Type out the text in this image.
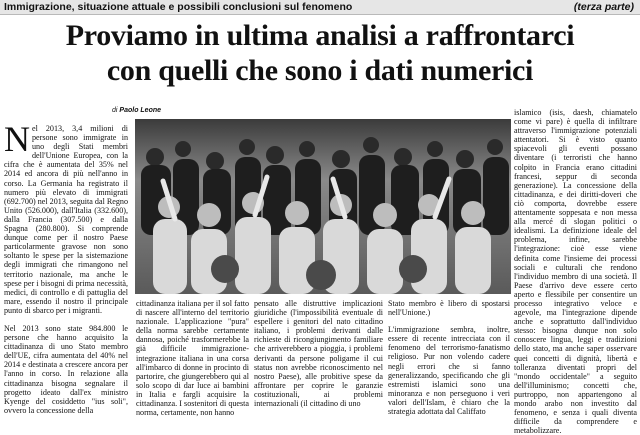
Immigrazione, situazione attuale e possibili conclusioni sul fenomeno	(terza parte)
Proviamo in ultima analisi a raffrontarci
con quelli che sono i dati numerici
di Paolo Leone

Nel 2013, 3,4 milioni di persone sono immigrate in uno degli Stati membri dell'Unione Europea, con la cifra che è aumentata del 35% nel 2014 ed ancora di più nell'anno in corso. La Germania ha registrato il numero più elevato di immigrati (692.700) nel 2013, seguita dal Regno Unito (526.000), dall'Italia (332.600), dalla Francia (307.500) e dalla Spagna (280.800). Si comprende dunque come per il nostro Paese particolarmente gravose non sono soltanto le spese per la sistemazione degli immigrati che rimangono nel territorio nazionale, ma anche le spese per i bisogni di prima necessità, medici, di controllo e di pattuglia del mare, essendo il nostro il principale punto di sbarco per i migranti.

Nel 2013 sono state 984.800 le persone che hanno acquisito la cittadinanza di uno Stato membro dell'UE, cifra aumentata del 40% nel 2014 e destinata a crescere ancora per l'anno in corso. In relazione alla cittadinanza bisogna segnalare il progetto ideato dall'ex ministro Kyenge del cosiddetto "ius soli", ovvero la concessione della

cittadinanza italiana per il sol fatto di nascere all'interno del territorio nazionale. L'applicazione "pura" della norma sarebbe certamente dannosa, poiché trasformerebbe la già difficile immigrazione-integrazione italiana in una corsa all'imbarco di donne in procinto di partorire, che giungerebbero qui al solo scopo di dar luce ai bambini in Italia e fargli acquisire la cittadinanza. I sostenitori di questa norma, certamente, non hanno

pensato alle distruttive implicazioni giuridiche (l'impossibilità eventuale di espellere i genitori del nato cittadino italiano, i problemi derivanti dalle richieste di ricongiungimento familiare che arriverebbero a pioggia, i problemi derivanti da persone poligame il cui status non avrebbe riconoscimento nel nostro Paese), alle probitive spese da affrontare per coprire le garanzie costituzionali, ai problemi internazionali (il cittadino di uno

Stato membro è libero di spostarsi nell'Unione.)

L'immigrazione sembra, inoltre, essere di recente intrecciata con il fenomeno del terrorismo-fanatismo religioso. Pur non volendo cadere negli errori che si fanno generalizzando, specificando che gli estremisti islamici sono una minoranza e non perseguono i veri valori dell'Islam, è chiaro che la strategia adottata dal Califfato

islamico (isis, daesh, chiamatelo come vi pare) è quella di infiltrare attraverso l'immigrazione potenziali attentatori. Si è visto quanto spiacevoli gli eventi possano diventare (i terroristi che hanno colpito in Francia erano cittadini francesi, seppur di seconda generazione). La concessione della cittadinanza, e dei diritti-doveri che ciò comporta, dovrebbe essere attentamente soppesata e non messa alla mercé di slogan politici o idealismi. La definizione ideale del problema, infine, sarebbe l'integrazione: cioè esse viene definita come l'insieme dei processi sociali e culturali che rendono l'individuo membro di una società. Il Paese d'arrivo deve essere certo aperto e flessibile per consentire un processo integrativo veloce e agevole, ma l'integrazione dipende anche e soprattutto dall'individuo stesso: bisogna dunque non solo conoscere lingua, leggi e tradizioni dello stato, ma anche saper osservare quei concetti di dignità, libertà e tolleranza diventati propri del "mondo occidentale" a seguito dell'illuminismo; concetti che, purtroppo, non appartengono al mondo arabo non investito dal fenomeno, e senza i quali diventa difficile da comprendere e metabolizzare.
